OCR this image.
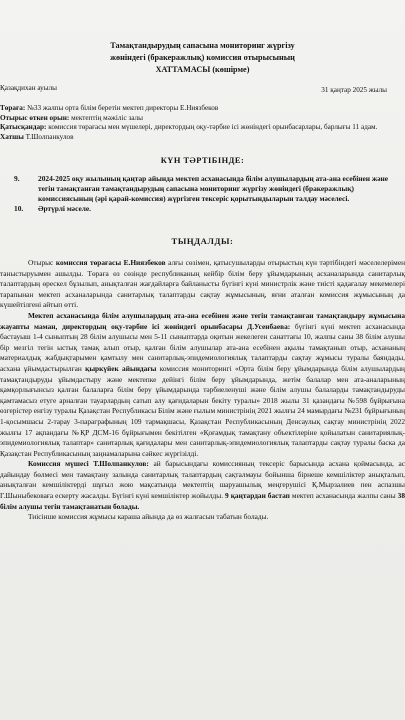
Тамақтандырудың сапасына мониторинг жүргізу
жөніндегі (бракеражлық) комиссия отырысының
ХАТТАМАСЫ (көшірме)
Қазақдихан ауылы	31 қаңтар 2025 жылы

Төрағa: №33 жалпы орта білім беретін мектеп директоры Е.Ниязбеков

Отырыс өткен орын: мектептің мәжіліс залы

Қатысқандар: комиссия төрағасы мен мүшелері, директордың оқу-тәрбие ісі жөніндегі орынбасарлары, барлығы 11 адам.

Хатшы Т.Шолпанкулов

КҮН ТӘРТІБІНДЕ:
9.	2024-2025 оқу жылының қаңтар айында мектеп асханасында білім алушылардың ата-ана есебінен және тегін тамақтанған тамақтандырудың сапасына мониторинг жүргізу жөніндегі (бракеражлық) комиссиясының (әрі қарай-комиссия) жүргізген тексеріс қорытындыларын талдау мәселесі.
10.	Әртүрлі мәселе.
ТЫҢДАЛДЫ:

Отырыс комиссия төрағасы Е.Ниязбеков алғы сөзімен, қатысушыларды отырыстың күн тәртібіндегі мәселелерімен таныстыруымен ашылды. Төрағa өз сөзінде республиканың кейбір білім беру ұйымдарының асханаларында санитарлық талаптардың өрескел бұзылып, анықталған жағдайларға байланысты бүгінгі күні министрлік және тиісті қадағалау мекемелері тарапынан мектеп асханаларында санитарлық талаптарды сақтау жұмысының, яғни аталған комиссия жұмысының да күшейтілгені айтып өтті.

Мектеп асханасында білім алушылардың ата-ана есебінен және тегін тамақтанған тамақтандыру жұмысына жауапты маман, директордың оқу-тәрбие ісі жөніндегі орынбасары Д.Усенбаева: бүгінгі күні мектеп асханасында бастауыш 1-4 сыныптың 28 білім алушысы мен 5-11 сыныптарда оқитын жекелеген санаттағы 10, жалпы саны 38 білім алушы бір мезгіл тегін ыстық тамақ алып отыр, қалған білім алушылар ата-ана есебінен ақылы тамақтанып отыр, асхананың материалдық жабдықтарымен қамтылу мен санитарлық-эпидемиологиялық талаптарды сақтау жұмысы туралы баяндады, асхана ұйымдастырылған қыркүйек айындағы комиссия мониторингі «Орта білім беру ұйымдарында білім алушылардың тамақтандыруды ұйымдастыру және мектепке дейінгі білім беру ұйымдарында, жетім балалар мен ата-аналарының қамқорлығынсыз қалған балаларға білім беру ұйымдарында тәрбиеленуші және білім алушы балаларды тамақтандыруды қамтамасыз етуге арналған тауарлардың сатып алу қағидаларын бекіту туралы» 2018 жылы 31 қазандағы №598 бұйрығына өзгерістер енгізу туралы Қазақстан Республикасы Білім және ғылым министрінің 2021 жылғы 24 мамырдағы №231 бұйрығының 1-қосымшасы 2-тарау 3-параграфының 109 тармақшасы, Қазақстан Республикасының Денсаулық сақтау министрінің 2022 жылғы 17 ақпандағы №ҚР ДСМ-16 бұйрығымен бекітілген «Қоғамдық тамақтану объектілеріне қойылатын санитариялық-эпидемиологиялық талаптар» санитарлық қағидалары мен санитарлық-эпидемиологиялық талаптарды сақтау туралы баска да Қазақстан Республикасының заңнамаларына сәйкес жүргізілді.

Комиссия мүшесі Т.Шолпанкулов: ай барысындағы комиссияның тексеріс барысында асхана қоймасында, ас дайындау бөлмесі мен тамақтану залында санитарлық талаптардың сақталмауы бойынша бірнеше кемшіліктер анықталып, анықталған кемшіліктерді шұғыл жою мақсатында мектептің шаруашылық меңгерушісі Қ.Мырзалиев пен аспазшы Г.Шыныбековаға ескерту жасалды. Бүгінгі күні кемшіліктер жойылды. 9 қаңтардан бастап мектеп асханасында жалпы саны 38 білім алушы тегін тамақтанатын болады.

Тиісінше комиссия жұмысы караша айында да өз жалғасын табатын болады.
